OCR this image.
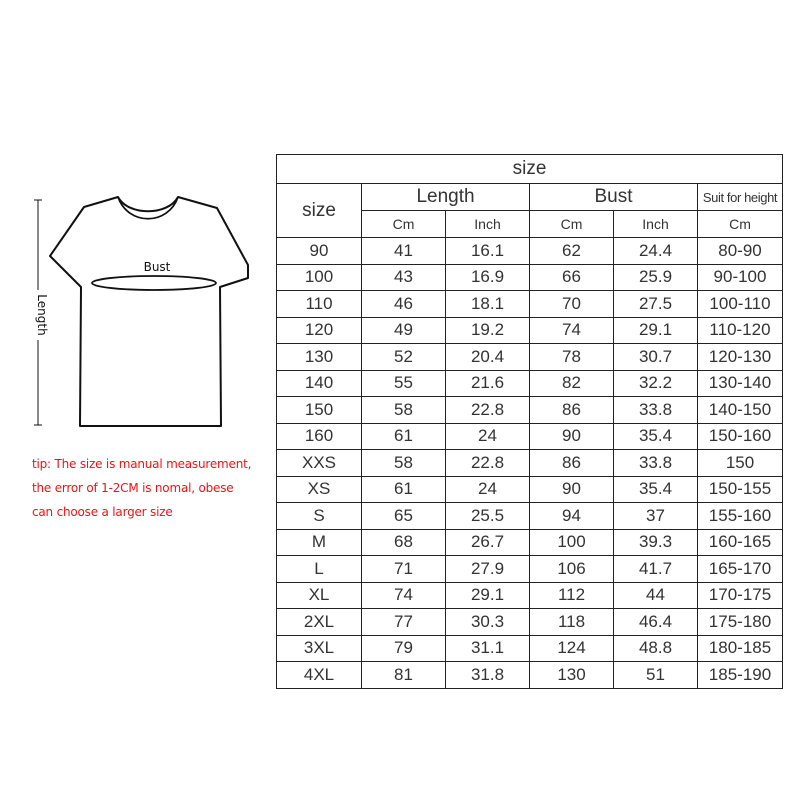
Bust
Length
tip: The size is manual measurement,
the error of 1-2CM is nomal, obese
can choose a larger size
size					
size	Length		Bust		Suit for height
	Cm	Inch	Cm	Inch	Cm
90	41	16.1	62	24.4	80-90
100	43	16.9	66	25.9	90-100
110	46	18.1	70	27.5	100-110
120	49	19.2	74	29.1	110-120
130	52	20.4	78	30.7	120-130
140	55	21.6	82	32.2	130-140
150	58	22.8	86	33.8	140-150
160	61	24	90	35.4	150-160
XXS	58	22.8	86	33.8	150
XS	61	24	90	35.4	150-155
S	65	25.5	94	37	155-160
M	68	26.7	100	39.3	160-165
L	71	27.9	106	41.7	165-170
XL	74	29.1	112	44	170-175
2XL	77	30.3	118	46.4	175-180
3XL	79	31.1	124	48.8	180-185
4XL	81	31.8	130	51	185-190
